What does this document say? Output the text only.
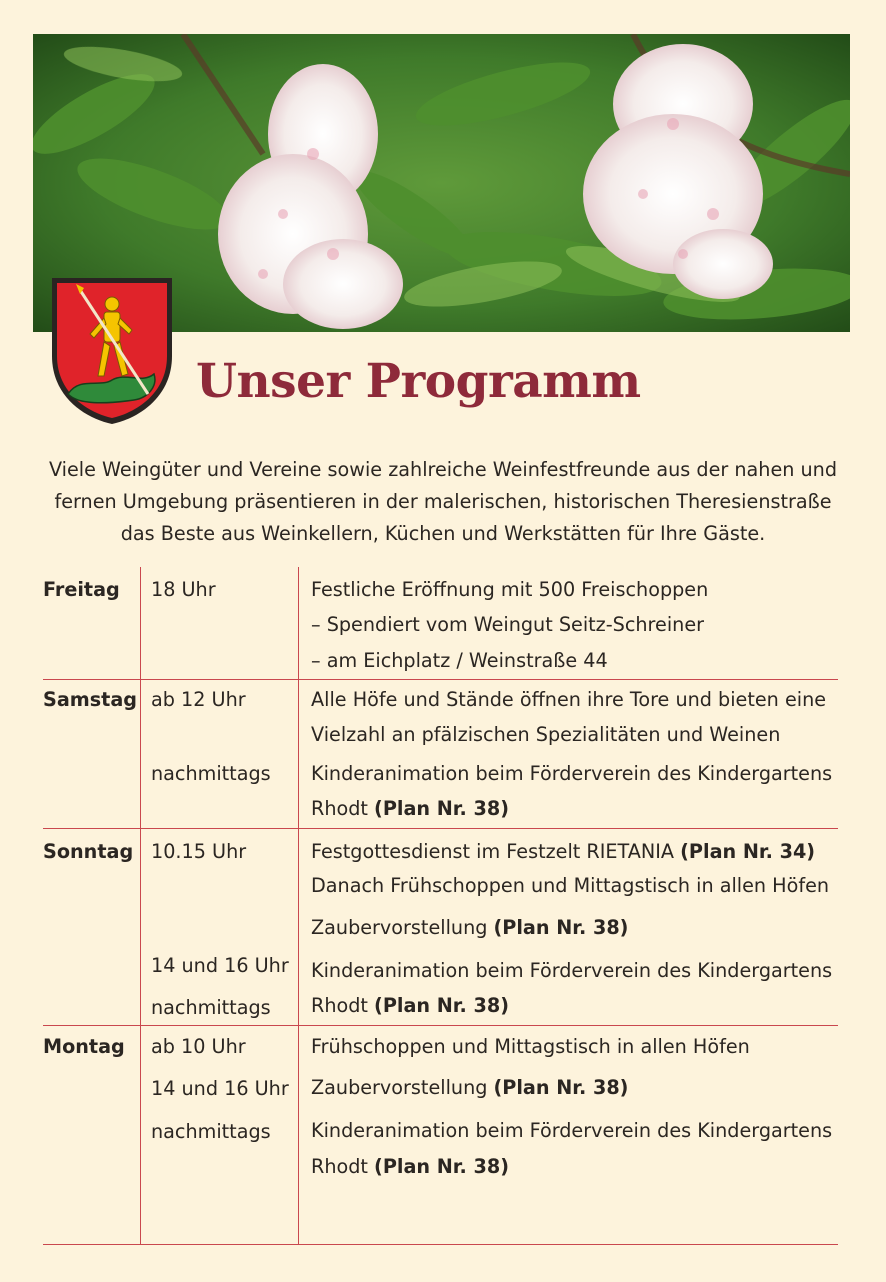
Unser Programm
Viele Weingüter und Vereine sowie zahlreiche Weinfestfreunde aus der nahen und
fernen Umgebung präsentieren in der malerischen, historischen Theresienstraße
das Beste aus Weinkellern, Küchen und Werkstätten für Ihre Gäste.
Freitag 18 Uhr	Festliche Eröffnung mit 500 Freischoppen
– Spendiert vom Weingut Seitz-Schreiner
– am Eichplatz / Weinstraße 44
Samstag ab 12 Uhr
nachmittags
Alle Höfe und Stände öffnen ihre Tore und bieten eine
Vielzahl an pfälzischen Spezialitäten und Weinen
Kinderanimation beim Förderverein des Kindergartens
Rhodt (Plan Nr. 38)
Sonntag 10.15 Uhr
14 und 16 Uhr
nachmittags
Festgottesdienst im Festzelt RIETANIA (Plan Nr. 34)
Danach Frühschoppen und Mittagstisch in allen Höfen
Zaubervorstellung (Plan Nr. 38)
Kinderanimation beim Förderverein des Kindergartens
Rhodt (Plan Nr. 38)
Montag ab 10 Uhr
14 und 16 Uhr
nachmittags
Frühschoppen und Mittagstisch in allen Höfen
Zaubervorstellung (Plan Nr. 38)
Kinderanimation beim Förderverein des Kindergartens
Rhodt (Plan Nr. 38)
